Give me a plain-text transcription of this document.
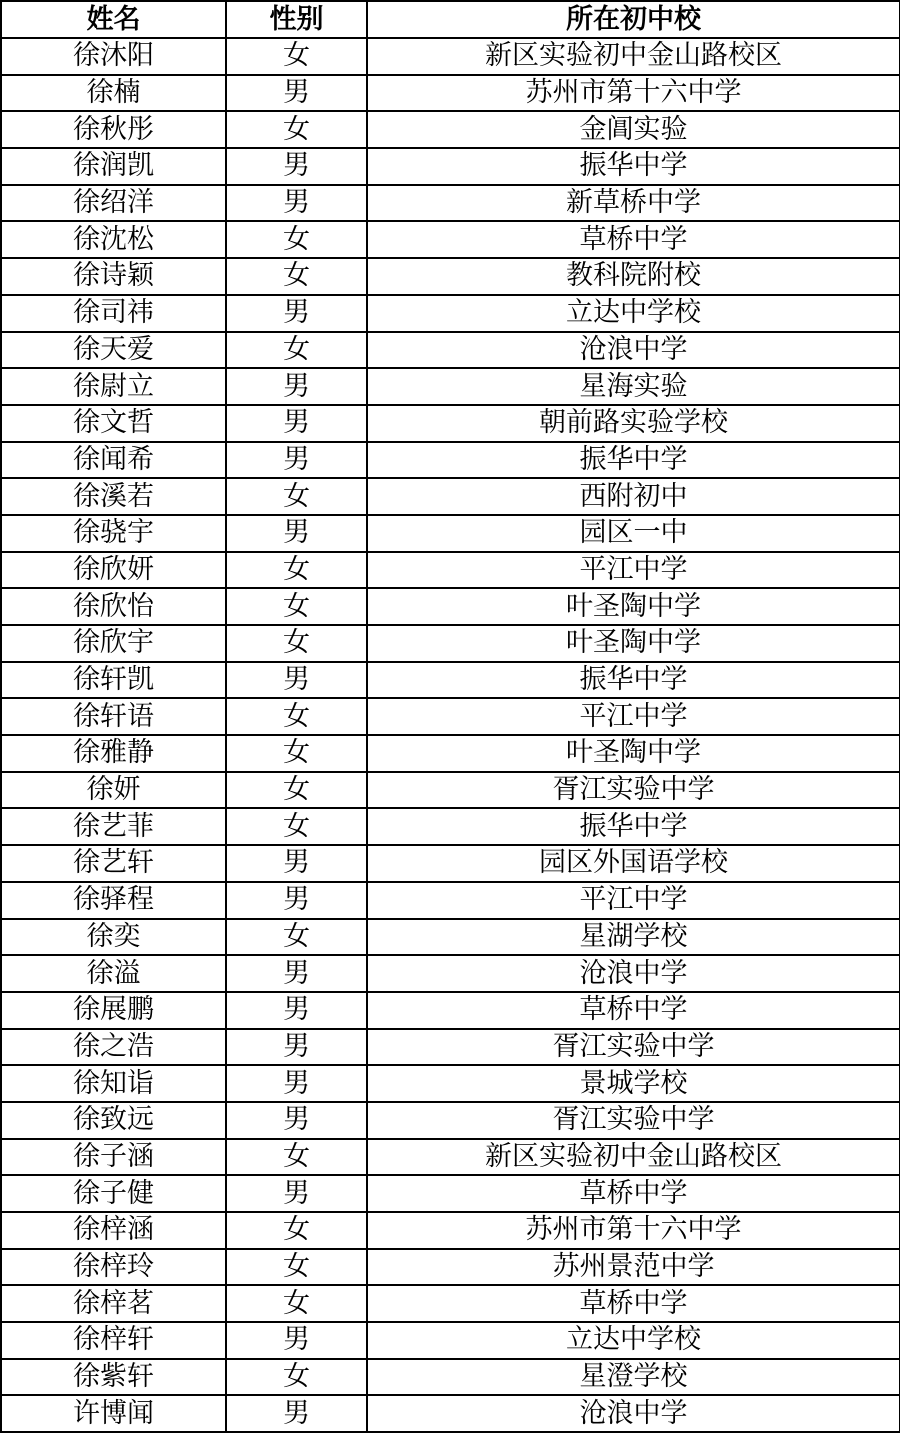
姓名	性别	所在初中校
徐沐阳	女	新区实验初中金山路校区
徐楠	男	苏州市第十六中学
徐秋彤	女	金阊实验
徐润凯	男	振华中学
徐绍洋	男	新草桥中学
徐沈松	女	草桥中学
徐诗颖	女	教科院附校
徐司祎	男	立达中学校
徐天爱	女	沧浪中学
徐尉立	男	星海实验
徐文哲	男	朝前路实验学校
徐闻希	男	振华中学
徐溪若	女	西附初中
徐骁宇	男	园区一中
徐欣妍	女	平江中学
徐欣怡	女	叶圣陶中学
徐欣宇	女	叶圣陶中学
徐轩凯	男	振华中学
徐轩语	女	平江中学
徐雅静	女	叶圣陶中学
徐妍	女	胥江实验中学
徐艺菲	女	振华中学
徐艺轩	男	园区外国语学校
徐驿程	男	平江中学
徐奕	女	星湖学校
徐溢	男	沧浪中学
徐展鹏	男	草桥中学
徐之浩	男	胥江实验中学
徐知诣	男	景城学校
徐致远	男	胥江实验中学
徐子涵	女	新区实验初中金山路校区
徐子健	男	草桥中学
徐梓涵	女	苏州市第十六中学
徐梓玲	女	苏州景范中学
徐梓茗	女	草桥中学
徐梓轩	男	立达中学校
徐紫轩	女	星澄学校
许博闻	男	沧浪中学
